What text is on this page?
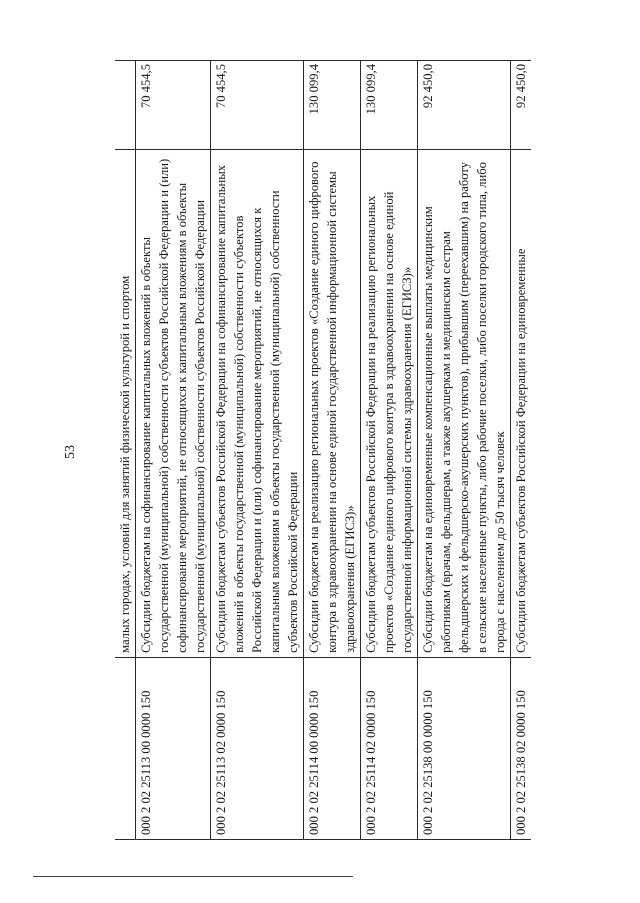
53
		малых городах, условий для занятий физической культурой и спортом	
000 2 02 25113 00 0000 150	Субсидии бюджетам на софинансирование капитальных вложений в объекты государственной (муниципальной) собственности субъектов Российской Федерации и (или) софинансирование мероприятий, не относящихся к капитальным вложениям в объекты государственной (муниципальной) собственности субъектов Российской Федерации	70 454,5
000 2 02 25113 02 0000 150	Субсидии бюджетам субъектов Российской Федерации на софинансирование капитальных вложений в объекты государственной (муниципальной) собственности субъектов Российской Федерации и (или) софинансирование мероприятий, не относящихся к капитальным вложениям в объекты государственной (муниципальной) собственности субъектов Российской Федерации	70 454,5
000 2 02 25114 00 0000 150	Субсидии бюджетам на реализацию региональных проектов «Создание единого цифрового контура в здравоохранении на основе единой государственной информационной системы здравоохранения (ЕГИСЗ)»	130 099,4
000 2 02 25114 02 0000 150	Субсидии бюджетам субъектов Российской Федерации на реализацию региональных проектов «Создание единого цифрового контура в здравоохранении на основе единой государственной информационной системы здравоохранения (ЕГИСЗ)»	130 099,4
000 2 02 25138 00 0000 150	Субсидии бюджетам на единовременные компенсационные выплаты медицинским работникам (врачам, фельдшерам, а также акушеркам и медицинским сестрам фельдшерских и фельдшерско-акушерских пунктов), прибывшим (переехавшим) на работу в сельские населенные пункты, либо рабочие поселки, либо поселки городского типа, либо города с населением до 50 тысяч человек	92 450,0
000 2 02 25138 02 0000 150	Субсидии бюджетам субъектов Российской Федерации на единовременные	92 450,0
